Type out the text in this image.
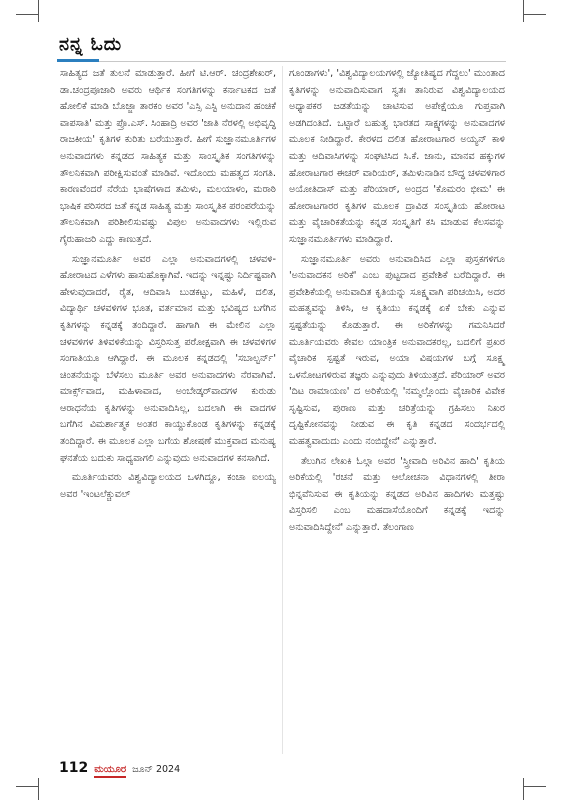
ನನ್ನ ಓದು

ಸಾಹಿತ್ಯದ ಜತೆ ತುಲನೆ ಮಾಡುತ್ತಾರೆ. ಹೀಗೆ ಟಿ.ಆರ್. ಚಂದ್ರಶೇಖರ್, ಡಾ.ಚಂದ್ರಪೂಜಾರಿ ಅವರು ಆರ್ಥಿಕ ಸಂಗತಿಗಳನ್ನು ಕರ್ನಾಟಕದ ಜತೆ ಹೋಲಿಕೆ ಮಾಡಿ ಬೊಜ್ಜಾ ತಾರಕಂ ಅವರ 'ಎಸ್ಸಿ ಎಸ್ಟಿ ಅನುದಾನ ಹಂಚಿಕೆ ವಾಪಸಾತಿ' ಮತ್ತು ಪ್ರೊ.ಎಸ್. ಸಿಂಹಾದ್ರಿ ಅವರ 'ಜಾತಿ ನೆರಳಲ್ಲಿ ಅಭಿವೃದ್ಧಿ ರಾಜಕೀಯ' ಕೃತಿಗಳ ಕುರಿತು ಬರೆಯುತ್ತಾರೆ. ಹೀಗೆ ಸುಜ್ಞಾನಮೂರ್ತಿಗಳ ಅನುವಾದಗಳು ಕನ್ನಡದ ಸಾಹಿತ್ಯಕ ಮತ್ತು ಸಾಂಸ್ಕೃತಿಕ ಸಂಗತಿಗಳನ್ನು ತೌಲನಿಕವಾಗಿ ಪರೀಕ್ಷಿಸುವಂತೆ ಮಾಡಿವೆ. ಇದೊಂದು ಮಹತ್ವದ ಸಂಗತಿ. ಕಾರಣವೆಂದರೆ ನೆರೆಯ ಭಾಷೆಗಳಾದ ತಮಿಳು, ಮಲಯಾಳಂ, ಮರಾಠಿ ಭಾಷಿಕ ಪರಿಸರದ ಜತೆ ಕನ್ನಡ ಸಾಹಿತ್ಯ ಮತ್ತು ಸಾಂಸ್ಕೃತಿಕ ಪರಂಪರೆಯನ್ನು ತೌಲನಿಕವಾಗಿ ಪರಿಶೀಲಿಸುವಷ್ಟು ವಿಪುಲ ಅನುವಾದಗಳು ಇಲ್ಲಿರುವ ಗೈರುಹಾಜರಿ ಎದ್ದು ಕಾಣುತ್ತದೆ.

ಸುಜ್ಞಾನಮೂರ್ತಿ ಅವರ ಎಲ್ಲಾ ಅನುವಾದಗಳಲ್ಲಿ ಚಳವಳಿ-ಹೋರಾಟದ ಎಳೆಗಳು ಹಾಸುಹೊಕ್ಕಾಗಿವೆ. ಇದನ್ನು ಇನ್ನಷ್ಟು ನಿರ್ದಿಷ್ಟವಾಗಿ ಹೇಳುವುದಾದರೆ, ರೈತ, ಆದಿವಾಸಿ ಬುಡಕಟ್ಟು, ಮಹಿಳೆ, ದಲಿತ, ವಿದ್ಯಾರ್ಥಿ ಚಳವಳಿಗಳ ಭೂತ, ವರ್ತಮಾನ ಮತ್ತು ಭವಿಷ್ಯದ ಬಗೆಗಿನ ಕೃತಿಗಳನ್ನು ಕನ್ನಡಕ್ಕೆ ತಂದಿದ್ದಾರೆ. ಹಾಗಾಗಿ ಈ ಮೇಲಿನ ಎಲ್ಲಾ ಚಳವಳಿಗಳ ತಿಳಿವಳಿಕೆಯನ್ನು ವಿಸ್ತರಿಸುತ್ತ ಪರೋಕ್ಷವಾಗಿ ಈ ಚಳವಳಿಗಳ ಸಂಗಾತಿಯೂ ಆಗಿದ್ದಾರೆ. ಈ ಮೂಲಕ ಕನ್ನಡದಲ್ಲಿ 'ಸಬಾಲ್ಟರ್ನ್' ಚಿಂತನೆಯನ್ನು ಬೆಳೆಸಲು ಮೂರ್ತಿ ಅವರ ಅನುವಾದಗಳು ನೆರವಾಗಿವೆ. ಮಾರ್ಕ್ಸ್‌ವಾದ, ಮಹಿಳಾವಾದ, ಅಂಬೇಡ್ಕರ್‌ವಾದಗಳ ಕುರುಡು ಆರಾಧನೆಯ ಕೃತಿಗಳನ್ನು ಅನುವಾದಿಸಿಲ್ಲ, ಬದಲಾಗಿ ಈ ವಾದಗಳ ಬಗೆಗಿನ ವಿಮರ್ಶಾತ್ಮಕ ಅಂತರ ಕಾಯ್ದುಕೊಂಡ ಕೃತಿಗಳನ್ನು ಕನ್ನಡಕ್ಕೆ ತಂದಿದ್ದಾರೆ. ಈ ಮೂಲಕ ಎಲ್ಲಾ ಬಗೆಯ ಶೋಷಣೆ ಮುಕ್ತವಾದ ಮನುಷ್ಯ ಘನತೆಯ ಬದುಕು ಸಾಧ್ಯವಾಗಲಿ ಎನ್ನುವುದು ಅನುವಾದಗಳ ಕನಸಾಗಿದೆ.

ಮೂರ್ತಿಯವರು ವಿಶ್ವವಿದ್ಯಾಲಯದ ಒಳಗಿದ್ದೂ, ಕಂಚಾ ಐಲಯ್ಯ ಅವರ 'ಇಂಟಲೆಕ್ಚುವಲ್

ಗೂಂಡಾಗಳು', 'ವಿಶ್ವವಿದ್ಯಾಲಯಗಳಲ್ಲಿ ಜ್ಯೋತಿಷ್ಯದ ಗೆದ್ದಲು' ಮುಂತಾದ ಕೃತಿಗಳನ್ನು ಅನುವಾದಿಸುವಾಗ ಸ್ವತಃ ತಾನಿರುವ ವಿಶ್ವವಿದ್ಯಾಲಯದ ಅಧ್ಯಾಪಕರ ಜಡತೆಯನ್ನು ಚಾಟಿಸುವ ಅಪೇಕ್ಷೆಯೂ ಗುಪ್ತವಾಗಿ ಅಡಗಿದಂತಿದೆ. ಒಟ್ಟಾರೆ ಬಹುತ್ವ ಭಾರತದ ಸಾಕ್ಷ್ಯಗಳನ್ನು ಅನುವಾದಗಳ ಮೂಲಕ ನೀಡಿದ್ದಾರೆ. ಕೇರಳದ ದಲಿತ ಹೋರಾಟಗಾರ ಅಯ್ಯನ್ ಕಾಳಿ ಮತ್ತು ಆದಿವಾಸಿಗಳನ್ನು ಸಂಘಟಿಸಿದ ಸಿ.ಕೆ. ಜಾನು, ಮಾನವ ಹಕ್ಕುಗಳ ಹೋರಾಟಗಾರ ಈಚರ್ ವಾರಿಯರ್, ತಮಿಳುನಾಡಿನ ಬೌದ್ಧ ಚಳವಳಿಗಾರ ಅಯೋತಿದಾಸ್ ಮತ್ತು ಪೆರಿಯಾರ್, ಅಂದ್ರದ 'ಕೊಮರಂ ಭೀಮ' ಈ ಹೋರಾಟಗಾರರ ಕೃತಿಗಳ ಮೂಲಕ ದ್ರಾವಿಡ ಸಂಸ್ಕೃತಿಯ ಹೋರಾಟ ಮತ್ತು ವೈಚಾರಿಕತೆಯನ್ನು ಕನ್ನಡ ಸಂಸ್ಕೃತಿಗೆ ಕಸಿ ಮಾಡುವ ಕೆಲಸವನ್ನು ಸುಜ್ಞಾನಮೂರ್ತಿಗಳು ಮಾಡಿದ್ದಾರೆ.

ಸುಜ್ಞಾನಮೂರ್ತಿ ಅವರು ಅನುವಾದಿಸಿದ ಎಲ್ಲಾ ಪುಸ್ತಕಗಳಿಗೂ 'ಅನುವಾದಕನ ಅರಿಕೆ' ಎಂಬ ಪುಟ್ಟದಾದ ಪ್ರವೇಶಿಕೆ ಬರೆದಿದ್ದಾರೆ. ಈ ಪ್ರವೇಶಿಕೆಯಲ್ಲಿ ಅನುವಾದಿತ ಕೃತಿಯನ್ನು ಸೂಕ್ಷ್ಮವಾಗಿ ಪರಿಚಯಿಸಿ, ಅದರ ಮಹತ್ವವನ್ನು ತಿಳಿಸಿ, ಆ ಕೃತಿಯು ಕನ್ನಡಕ್ಕೆ ಏಕೆ ಬೇಕು ಎನ್ನುವ ಸ್ಪಷ್ಟತೆಯನ್ನು ಕೊಡುತ್ತಾರೆ. ಈ ಅರಿಕೆಗಳನ್ನು ಗಮನಿಸಿದರೆ ಮೂರ್ತಿಯವರು ಕೇವಲ ಯಾಂತ್ರಿಕ ಅನುವಾದಕರಲ್ಲ, ಬದಲಿಗೆ ಪ್ರಖರ ವೈಚಾರಿಕ ಸ್ಪಷ್ಟತೆ ಇರುವ, ಅಯಾ ವಿಷಯಗಳ ಬಗ್ಗೆ ಸೂಕ್ಷ್ಮ ಒಳನೋಟಗಳಿರುವ ತಜ್ಞರು ಎನ್ನುವುದು ತಿಳಿಯುತ್ತದೆ. ಪೆರಿಯಾರ್ ಅವರ 'ದಿಟ ರಾಮಾಯಣ' ದ ಅರಿಕೆಯಲ್ಲಿ 'ನಮ್ಮಲ್ಲೊಂದು ವೈಚಾರಿಕ ವಿವೇಕ ಸೃಷ್ಟಿಸುವ, ಪುರಾಣ ಮತ್ತು ಚರಿತ್ರೆಯನ್ನು ಗ್ರಹಿಸಲು ನಿಖರ ದೃಷ್ಟಿಕೋನವನ್ನು ನೀಡುವ ಈ ಕೃತಿ ಕನ್ನಡದ ಸಂದರ್ಭದಲ್ಲಿ ಮಹತ್ವವಾದುದು ಎಂದು ನಂಬಿದ್ದೇನೆ' ಎನ್ನುತ್ತಾರೆ.

ತೆಲುಗಿನ ಲೇಖಕಿ ಓಲ್ಗಾ ಅವರ 'ಸ್ತ್ರೀವಾದಿ ಅರಿವಿನ ಹಾದಿ' ಕೃತಿಯ ಅರಿಕೆಯಲ್ಲಿ 'ರಚನೆ ಮತ್ತು ಆಲೋಚನಾ ವಿಧಾನಗಳಲ್ಲಿ ತೀರಾ ಭಿನ್ನವೆನಿಸುವ ಈ ಕೃತಿಯನ್ನು ಕನ್ನಡದ ಅರಿವಿನ ಹಾದಿಗಳು ಮತ್ತಷ್ಟು ವಿಸ್ತರಿಸಲಿ ಎಂಬ ಮಹದಾಸೆಯೊಂದಿಗೆ ಕನ್ನಡಕ್ಕೆ ಇದನ್ನು ಅನುವಾದಿಸಿದ್ದೇನೆ' ಎನ್ನುತ್ತಾರೆ. ತೆಲಂಗಾಣ

112 ಮಯೂರ ಜೂನ್ 2024
